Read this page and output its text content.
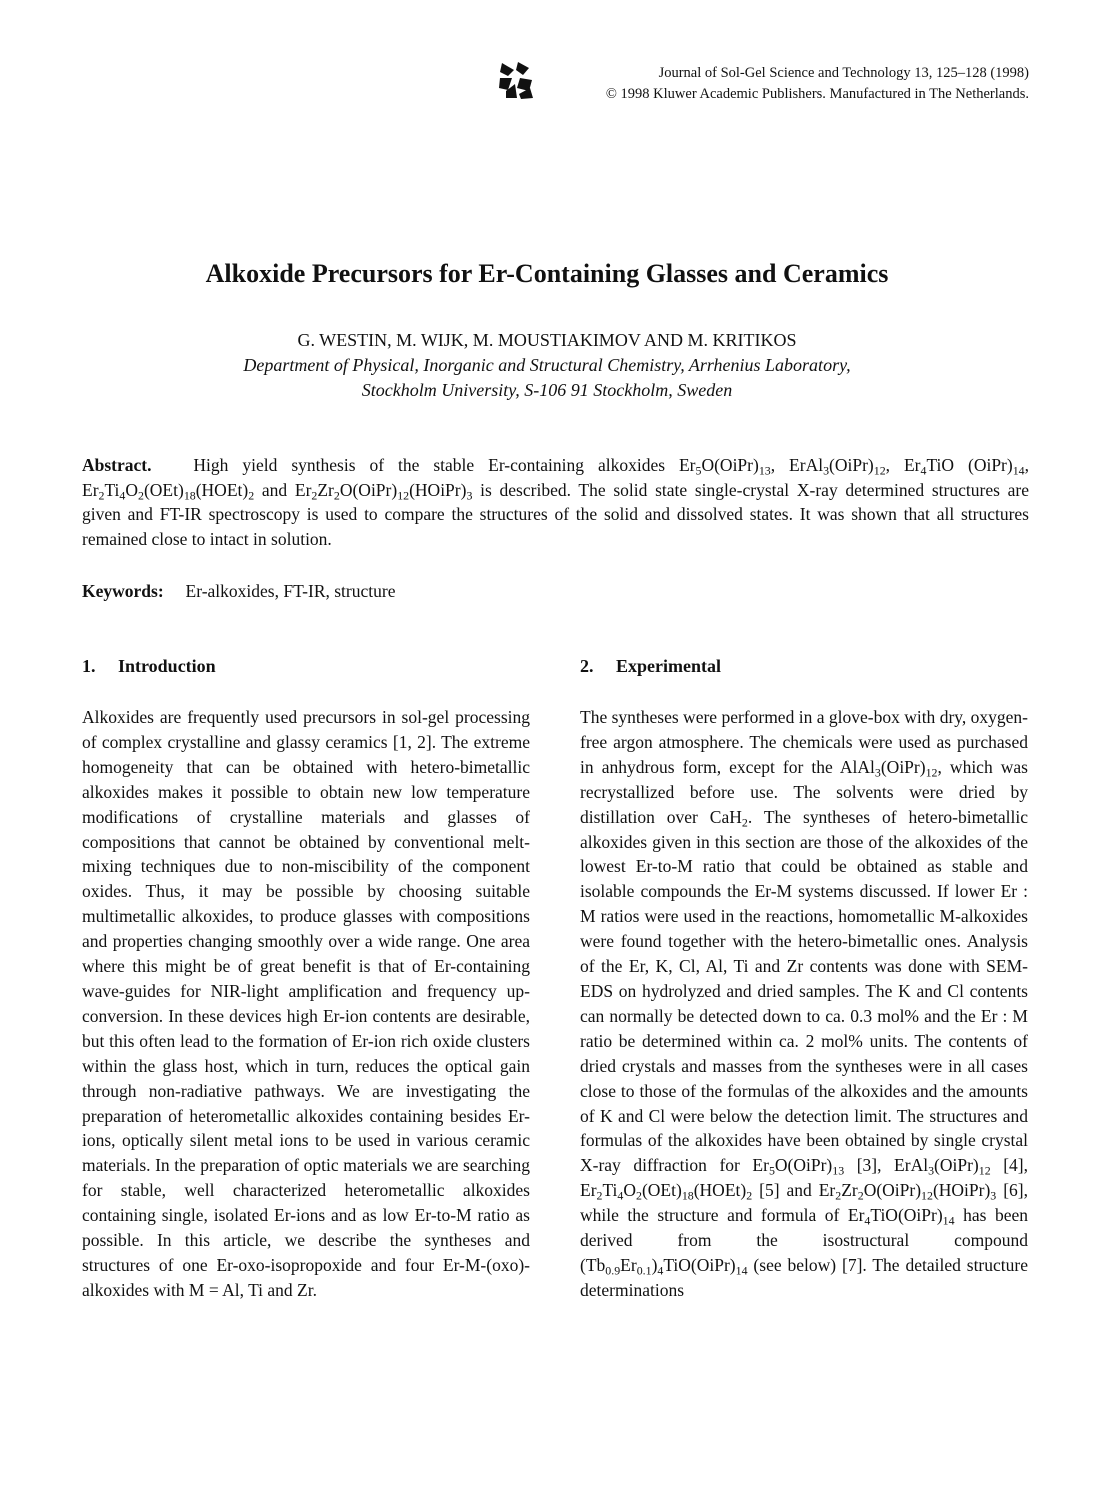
Journal of Sol-Gel Science and Technology 13, 125–128 (1998)
© 1998 Kluwer Academic Publishers. Manufactured in The Netherlands.
Alkoxide Precursors for Er-Containing Glasses and Ceramics
G. WESTIN, M. WIJK, M. MOUSTIAKIMOV AND M. KRITIKOS
Department of Physical, Inorganic and Structural Chemistry, Arrhenius Laboratory,
Stockholm University, S-106 91 Stockholm, Sweden
Abstract. High yield synthesis of the stable Er-containing alkoxides $Er_5O(OiPr)_{13}$, $ErAl_3(OiPr)_{12}$, $Er_4TiO$ $(OiPr)_{14}$, $Er_2Ti_4O_2(OEt)_{18}(HOEt)_2$ and $Er_2Zr_2O(OiPr)_{12}(HOiPr)_3$ is described. The solid state single-crystal X-ray determined structures are given and FT-IR spectroscopy is used to compare the structures of the solid and dissolved states. It was shown that all structures remained close to intact in solution.
Keywords: Er-alkoxides, FT-IR, structure
1. Introduction	2. Experimental

Alkoxides are frequently used precursors in sol-gel processing of complex crystalline and glassy ceramics [1, 2]. The extreme homogeneity that can be obtained with hetero-bimetallic alkoxides makes it possible to obtain new low temperature modifications of crystalline materials and glasses of compositions that cannot be obtained by conventional melt-mixing techniques due to non-miscibility of the component oxides. Thus, it may be possible by choosing suitable multimetallic alkoxides, to produce glasses with compositions and properties changing smoothly over a wide range. One area where this might be of great benefit is that of Er-containing wave-guides for NIR-light amplification and frequency up-conversion. In these devices high Er-ion contents are desirable, but this often lead to the formation of Er-ion rich oxide clusters within the glass host, which in turn, reduces the optical gain through non-radiative pathways. We are investigating the preparation of heterometallic alkoxides containing besides Er-ions, optically silent metal ions to be used in various ceramic materials. In the preparation of optic materials we are searching for stable, well characterized heterometallic alkoxides containing single, isolated Er-ions and as low Er-to-M ratio as possible. In this article, we describe the syntheses and structures of one Er-oxo-isopropoxide and four Er-M-(oxo)-alkoxides with M = Al, Ti and Zr.

The syntheses were performed in a glove-box with dry, oxygen-free argon atmosphere. The chemicals were used as purchased in anhydrous form, except for the $AlAl_3(OiPr)_{12}$, which was recrystallized before use. The solvents were dried by distillation over CaH$_2$. The syntheses of hetero-bimetallic alkoxides given in this section are those of the alkoxides of the lowest Er-to-M ratio that could be obtained as stable and isolable compounds the Er-M systems discussed. If lower Er : M ratios were used in the reactions, homometallic M-alkoxides were found together with the hetero-bimetallic ones. Analysis of the Er, K, Cl, Al, Ti and Zr contents was done with SEM-EDS on hydrolyzed and dried samples. The K and Cl contents can normally be detected down to ca. 0.3 mol% and the Er : M ratio be determined within ca. 2 mol% units. The contents of dried crystals and masses from the syntheses were in all cases close to those of the formulas of the alkoxides and the amounts of K and Cl were below the detection limit. The structures and formulas of the alkoxides have been obtained by single crystal X-ray diffraction for $Er_5O(OiPr)_{13}$ [3], $ErAl_3(OiPr)_{12}$ [4], $Er_2Ti_4O_2(OEt)_{18}(HOEt)_2$ [5] and $Er_2Zr_2O(OiPr)_{12}(HOiPr)_3$ [6], while the structure and formula of $Er_4TiO(OiPr)_{14}$ has been derived from the isostructural compound $(Tb_{0.9}Er_{0.1})_4TiO(OiPr)_{14}$ (see below) [7]. The detailed structure determinations
